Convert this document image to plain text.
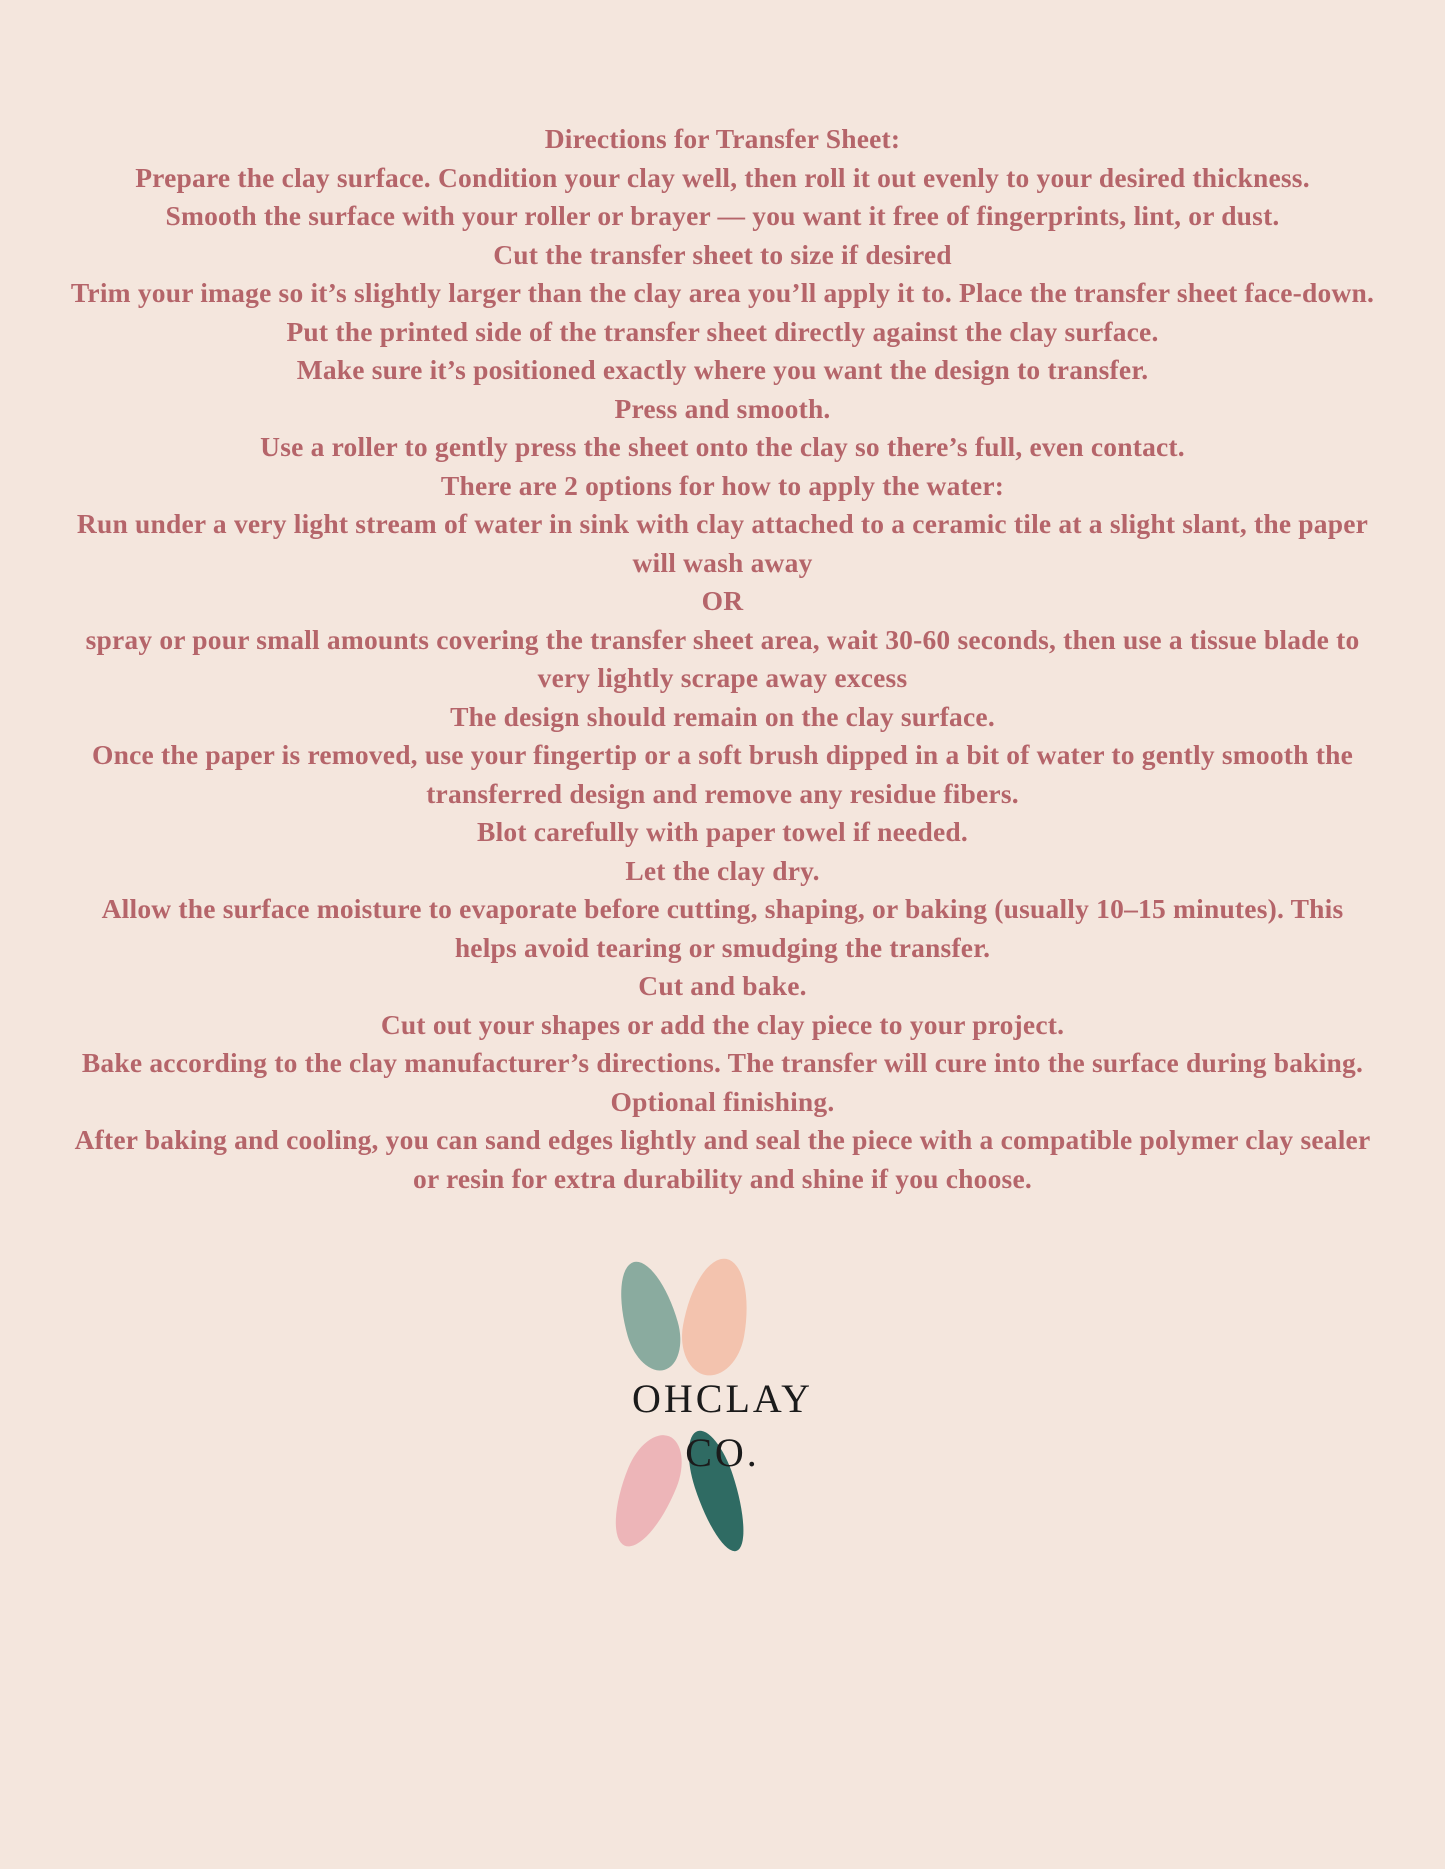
Directions for Transfer Sheet:

Prepare the clay surface. Condition your clay well, then roll it out evenly to your desired thickness.

Smooth the surface with your roller or brayer — you want it free of fingerprints, lint, or dust.

Cut the transfer sheet to size if desired

Trim your image so it’s slightly larger than the clay area you’ll apply it to. Place the transfer sheet face-down.

Put the printed side of the transfer sheet directly against the clay surface.

Make sure it’s positioned exactly where you want the design to transfer.

Press and smooth.

Use a roller to gently press the sheet onto the clay so there’s full, even contact.

There are 2 options for how to apply the water:

Run under a very light stream of water in sink with clay attached to a ceramic tile at a slight slant, the paper will wash away

OR

spray or pour small amounts covering the transfer sheet area, wait 30-60 seconds, then use a tissue blade to very lightly scrape away excess

The design should remain on the clay surface.

Once the paper is removed, use your fingertip or a soft brush dipped in a bit of water to gently smooth the transferred design and remove any residue fibers.

Blot carefully with paper towel if needed.

Let the clay dry.

Allow the surface moisture to evaporate before cutting, shaping, or baking (usually 10–15 minutes). This helps avoid tearing or smudging the transfer.

Cut and bake.

Cut out your shapes or add the clay piece to your project.

Bake according to the clay manufacturer’s directions. The transfer will cure into the surface during baking.

Optional finishing.

After baking and cooling, you can sand edges lightly and seal the piece with a compatible polymer clay sealer or resin for extra durability and shine if you choose.

OHCLAY
CO.
